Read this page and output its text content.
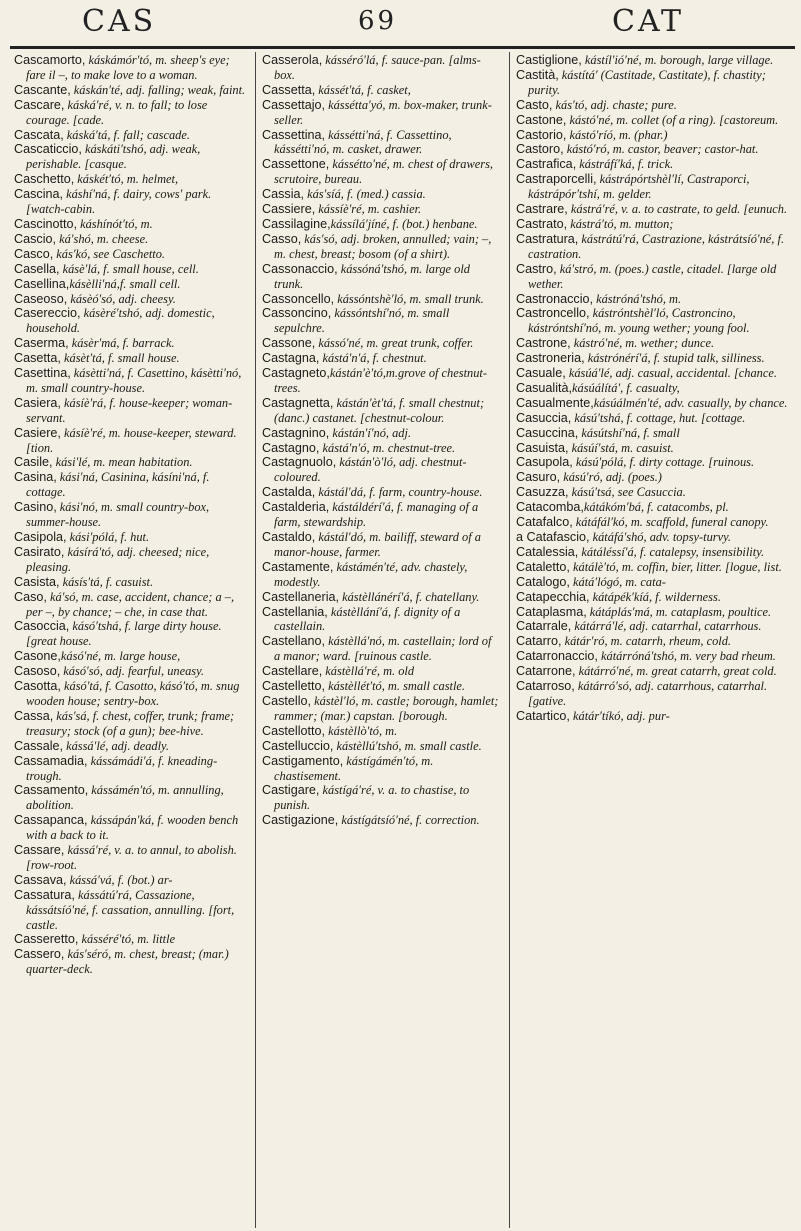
CAS	69	CAT

Cascamorto, káskámór′tó, m. sheep's eye; fare il –, to make love to a woman.

Cascante, káskán′té, adj. falling; weak, faint.

Cascare, káská′ré, v. n. to fall; to lose courage. [cade.

Cascata, káská′tá, f. fall; cascade.

Cascaticcio, káskáti′tshó, adj. weak, perishable. [casque.

Caschetto, káskét′tó, m. helmet,

Cascina, káshí′ná, f. dairy, cows' park. [watch-cabin.

Cascinotto, káshínót′tó, m.

Cascio, ká′shó, m. cheese.

Casco, kás′kó, see Caschetto.

Casella, kásè′lá, f. small house, cell.

Casellina,kásèlli′ná,f. small cell.

Caseoso, kásèó′só, adj. cheesy.

Casereccio, kásèré′tshó, adj. domestic, household.

Caserma, kásèr′má, f. barrack.

Casetta, kásèt′tá, f. small house.

Casettina, kásètti′ná, f. Casettino, kásètti′nó, m. small country-house.

Casiera, kásíè′rá, f. house-keeper; woman-servant.

Casiere, kásíè′ré, m. house-keeper, steward. [tion.

Casile, kási′lé, m. mean habitation.

Casina, kási′ná, Casinina, kásíni′ná, f. cottage.

Casino, kási′nó, m. small country-box, summer-house.

Casipola, kási′pólá, f. hut.

Casirato, kásírá′tó, adj. cheesed; nice, pleasing.

Casista, kásís′tá, f. casuist.

Caso, ká′só, m. case, accident, chance; a –, per –, by chance; – che, in case that.

Casoccia, kásó′tshá, f. large dirty house. [great house.

Casone,kásó′né, m. large house,

Casoso, kásó′só, adj. fearful, uneasy.

Casotta, kásó′tá, f. Casotto, kásó′tó, m. snug wooden house; sentry-box.

Cassa, kás′sá, f. chest, coffer, trunk; frame; treasury; stock (of a gun); bee-hive.

Cassale, kássá′lé, adj. deadly.

Cassamadia, kássámádi′á, f. kneading-trough.

Cassamento, kássámén′tó, m. annulling, abolition.

Cassapanca, kássápán′ká, f. wooden bench with a back to it.

Cassare, kássá′ré, v. a. to annul, to abolish. [row-root.

Cassava, kássá′vá, f. (bot.) ar-

Cassatura, kássátú′rá, Cassazione, kássátsíó′né, f. cassation, annulling. [fort, castle.

Casseretto, kásséré′tó, m. little

Cassero, kás′séró, m. chest, breast; (mar.) quarter-deck.

Casserola, kásséró′lá, f. sauce-pan. [alms-box.

Cassetta, kássét′tá, f. casket,

Cassettajo, kássétta′yó, m. box-maker, trunk-seller.

Cassettina, kássétti′ná, f. Cassettino, kássétti′nó, m. casket, drawer.

Cassettone, kássétto′né, m. chest of drawers, scrutoire, bureau.

Cassia, kás′síá, f. (med.) cassia.

Cassiere, kássíè′ré, m. cashier.

Cassilagine,kássílá′jíné, f. (bot.) henbane.

Casso, kás′só, adj. broken, annulled; vain; –, m. chest, breast; bosom (of a shirt).

Cassonaccio, kássóná′tshó, m. large old trunk.

Cassoncello, kássóntshè′ló, m. small trunk.

Cassoncino, kássóntshí′nó, m. small sepulchre.

Cassone, kássó′né, m. great trunk, coffer.

Castagna, kástá′n′á, f. chestnut.

Castagneto,kástán′è′tó,m.grove of chestnut-trees.

Castagnetta, kástán′èt′tá, f. small chestnut; (danc.) castanet. [chestnut-colour.

Castagnino, kástán′í′nó, adj.

Castagno, kástá′n′ó, m. chestnut-tree.

Castagnuolo, kástán′ò′ló, adj. chestnut-coloured.

Castalda, kástál′dá, f. farm, country-house.

Castalderia, kástáldérí′á, f. managing of a farm, stewardship.

Castaldo, kástál′dó, m. bailiff, steward of a manor-house, farmer.

Castamente, kástámén′té, adv. chastely, modestly.

Castellaneria, kástèllánérí′á, f. chatellany.

Castellania, kástèllání′á, f. dignity of a castellain.

Castellano, kástèllá′nó, m. castellain; lord of a manor; ward. [ruinous castle.

Castellare, kástèllá′ré, m. old

Castelletto, kástèllét′tó, m. small castle.

Castello, kástèl′ló, m. castle; borough, hamlet; rammer; (mar.) capstan. [borough.

Castellotto, kástèllò′tó, m.

Castelluccio, kástèllú′tshó, m. small castle.

Castigamento, kástígámén′tó, m. chastisement.

Castigare, kástígá′ré, v. a. to chastise, to punish.

Castigazione, kástígátsíó′né, f. correction.

Castiglione, kástíl′ió′né, m. borough, large village.

Castità, kástítá′ (Castitade, Castitate), f. chastity; purity.

Casto, kás′tó, adj. chaste; pure.

Castone, kástó′né, m. collet (of a ring). [castoreum.

Castorio, kástó′ríó, m. (phar.)

Castoro, kástó′ró, m. castor, beaver; castor-hat.

Castrafica, kástráfí′ká, f. trick.

Castraporcelli, kástrápórtshèl′lí, Castraporci, kástrápór′tshí, m. gelder.

Castrare, kástrá′ré, v. a. to castrate, to geld. [eunuch.

Castrato, kástrá′tó, m. mutton;

Castratura, kástrátú′rá, Castrazione, kástrátsíó′né, f. castration.

Castro, ká′stró, m. (poes.) castle, citadel. [large old wether.

Castronaccio, kástróná′tshó, m.

Castroncello, kástróntshèl′ló, Castroncino, kástróntshí′nó, m. young wether; young fool.

Castrone, kástró′né, m. wether; dunce.

Castroneria, kástrónérí′á, f. stupid talk, silliness.

Casuale, kásúá′lé, adj. casual, accidental. [chance.

Casualità,kásúálítá′, f. casualty,

Casualmente,kásúálmén′té, adv. casually, by chance.

Casuccia, kású′tshá, f. cottage, hut. [cottage.

Casuccina, kásútshí′ná, f. small

Casuista, kásúí′stá, m. casuist.

Casupola, kású′pólá, f. dirty cottage. [ruinous.

Casuro, kású′ró, adj. (poes.)

Casuzza, kású′tsá, see Casuccia.

Catacomba,kátákóm′bá, f. catacombs, pl.

Catafalco, kátáfál′kó, m. scaffold, funeral canopy.

a Catafascio, kátáfá′shó, adv. topsy-turvy.

Catalessia, kátáléssí′á, f. catalepsy, insensibility.

Cataletto, kátálè′tó, m. coffin, bier, litter. [logue, list.

Catalogo, kátá′lógó, m. cata-

Catapecchia, kátápék′kíá, f. wilderness.

Cataplasma, kátáplás′má, m. cataplasm, poultice.

Catarrale, kátárrá′lé, adj. catarrhal, catarrhous.

Catarro, kátár′ró, m. catarrh, rheum, cold.

Catarronaccio, kátárróná′tshó, m. very bad rheum.

Catarrone, kátárró′né, m. great catarrh, great cold.

Catarroso, kátárró′só, adj. catarrhous, catarrhal. [gative.

Catartico, kátár′tíkó, adj. pur-
